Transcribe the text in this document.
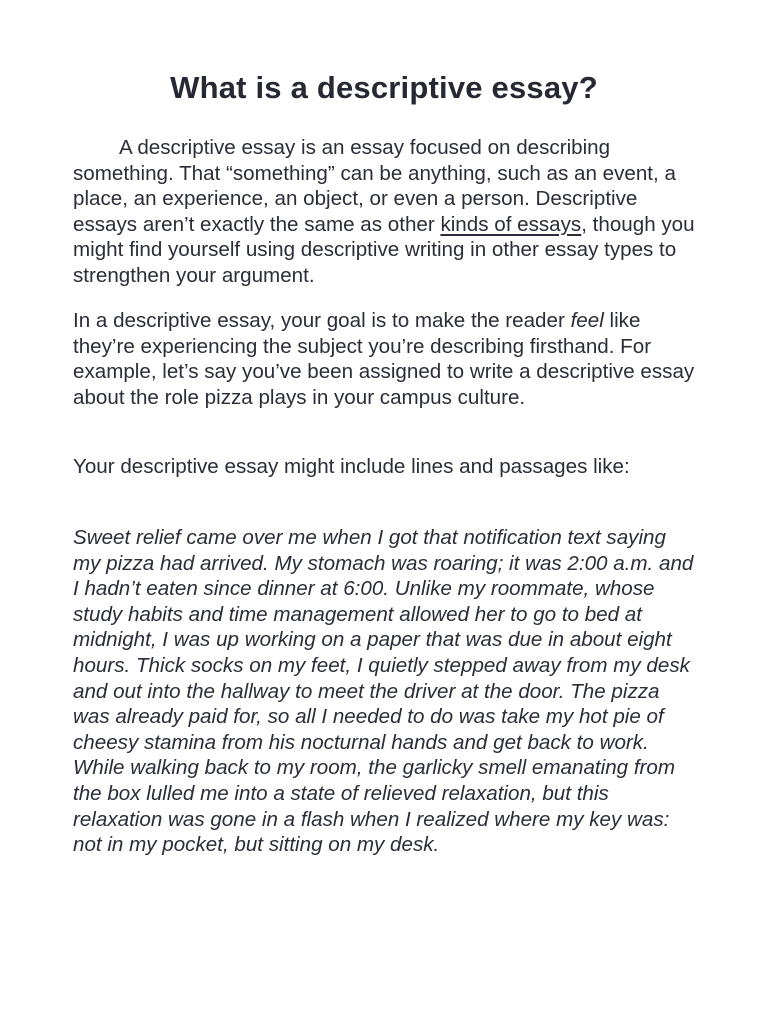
What is a descriptive essay?

A descriptive essay is an essay focused on describing something. That “something” can be anything, such as an event, a place, an experience, an object, or even a person. Descriptive essays aren’t exactly the same as other kinds of essays, though you might find yourself using descriptive writing in other essay types to strengthen your argument.

In a descriptive essay, your goal is to make the reader feel like they’re experiencing the subject you’re describing firsthand. For example, let’s say you’ve been assigned to write a descriptive essay about the role pizza plays in your campus culture.

Your descriptive essay might include lines and passages like:

Sweet relief came over me when I got that notification text saying my pizza had arrived. My stomach was roaring; it was 2:00 a.m. and I hadn’t eaten since dinner at 6:00. Unlike my roommate, whose study habits and time management allowed her to go to bed at midnight, I was up working on a paper that was due in about eight hours. Thick socks on my feet, I quietly stepped away from my desk and out into the hallway to meet the driver at the door. The pizza was already paid for, so all I needed to do was take my hot pie of cheesy stamina from his nocturnal hands and get back to work. While walking back to my room, the garlicky smell emanating from the box lulled me into a state of relieved relaxation, but this relaxation was gone in a flash when I realized where my key was: not in my pocket, but sitting on my desk.
